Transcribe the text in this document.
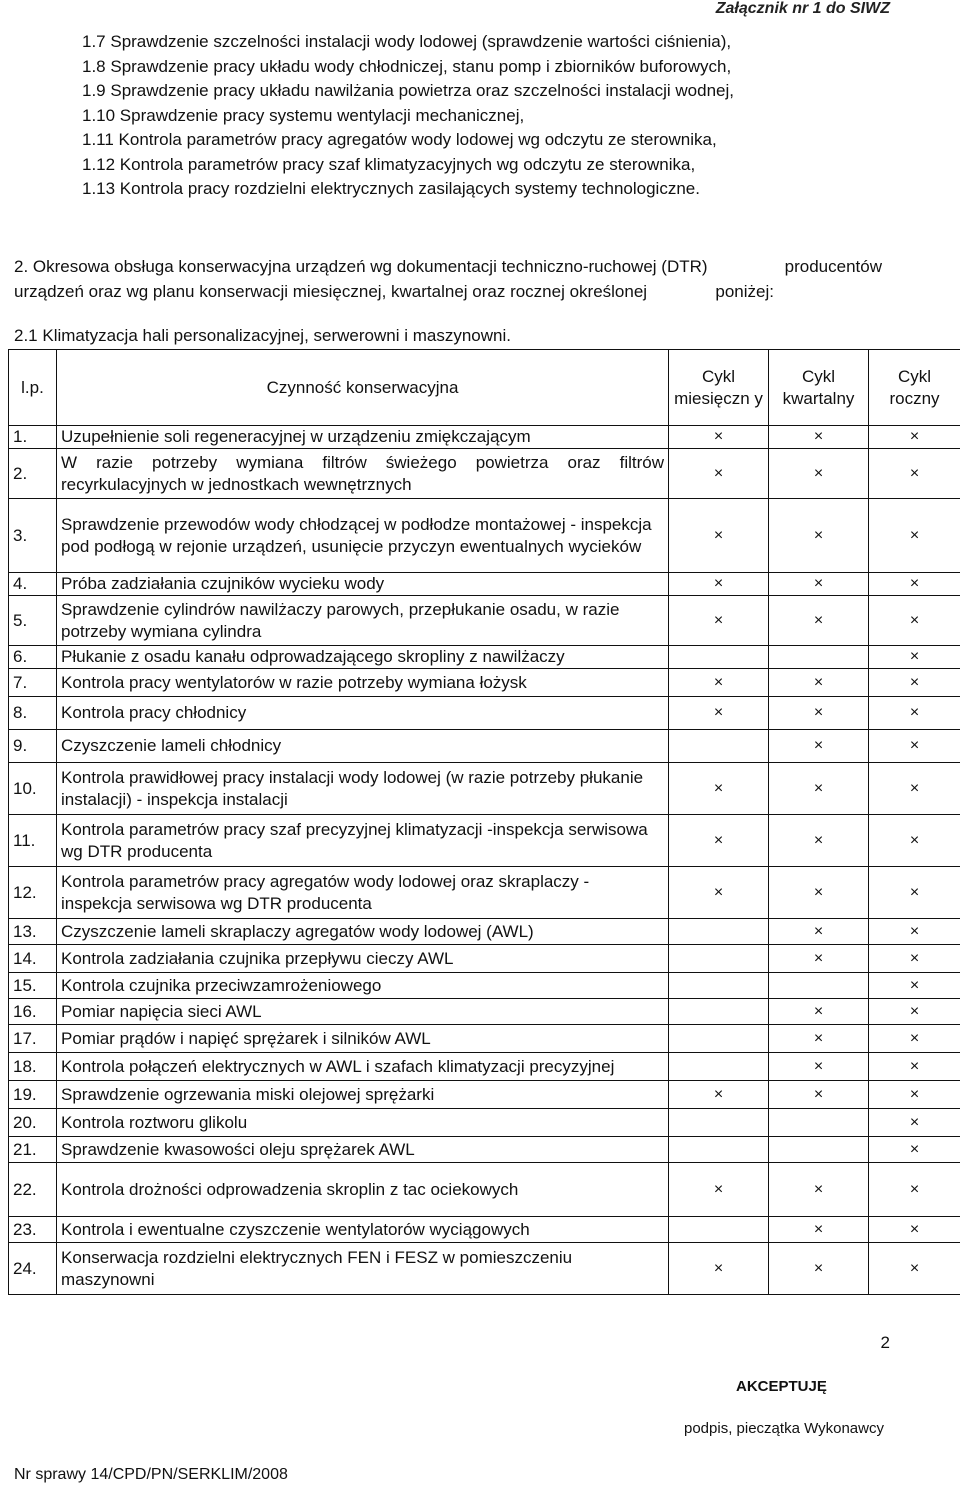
Załącznik nr 1 do SIWZ
1.7 Sprawdzenie szczelności instalacji wody lodowej (sprawdzenie wartości ciśnienia),
1.8 Sprawdzenie pracy układu wody chłodniczej, stanu pomp i zbiorników buforowych,
1.9 Sprawdzenie pracy układu nawilżania powietrza oraz szczelności instalacji wodnej,
1.10 Sprawdzenie pracy systemu wentylacji mechanicznej,
1.11 Kontrola parametrów pracy agregatów wody lodowej wg odczytu ze sterownika,
1.12 Kontrola parametrów pracy szaf klimatyzacyjnych wg odczytu ze sterownika,
1.13 Kontrola pracy rozdzielni elektrycznych zasilających systemy technologiczne.
2. Okresowa obsługa konserwacyjna urządzeń wg dokumentacji techniczno-ruchowej (DTR)	producentów
urządzeń oraz wg planu konserwacji miesięcznej, kwartalnej oraz rocznej określonej	poniżej:
2.1 Klimatyzacja hali personalizacyjnej, serwerowni i maszynowni.
l.p.	Czynność konserwacyjna	Cykl miesięczn y	Cykl kwartalny	Cykl roczny
1.	Uzupełnienie soli regeneracyjnej w urządzeniu zmiękczającym	×	×	×
2.	W razie potrzeby wymiana filtrów świeżego powietrza oraz filtrów recyrkulacyjnych w jednostkach wewnętrznych	×	×	×
3.	Sprawdzenie przewodów wody chłodzącej w podłodze montażowej - inspekcja pod podłogą w rejonie urządzeń, usunięcie przyczyn ewentualnych wycieków	×	×	×
4.	Próba zadziałania czujników wycieku wody	×	×	×
5.	Sprawdzenie cylindrów nawilżaczy parowych, przepłukanie osadu, w razie potrzeby wymiana cylindra	×	×	×
6.	Płukanie z osadu kanału odprowadzającego skropliny z nawilżaczy			×
7.	Kontrola pracy wentylatorów w razie potrzeby wymiana łożysk	×	×	×
8.	Kontrola pracy chłodnicy	×	×	×
9.	Czyszczenie lameli chłodnicy		×	×
10.	Kontrola prawidłowej pracy instalacji wody lodowej (w razie potrzeby płukanie instalacji) - inspekcja instalacji	×	×	×
11.	Kontrola parametrów pracy szaf precyzyjnej klimatyzacji -inspekcja serwisowa wg DTR producenta	×	×	×
12.	Kontrola parametrów pracy agregatów wody lodowej oraz skraplaczy - inspekcja serwisowa wg DTR producenta	×	×	×
13.	Czyszczenie lameli skraplaczy agregatów wody lodowej (AWL)		×	×
14.	Kontrola zadziałania czujnika przepływu cieczy AWL		×	×
15.	Kontrola czujnika przeciwzamrożeniowego			×
16.	Pomiar napięcia sieci AWL		×	×
17.	Pomiar prądów i napięć sprężarek i silników AWL		×	×
18.	Kontrola połączeń elektrycznych w AWL i szafach klimatyzacji precyzyjnej		×	×
19.	Sprawdzenie ogrzewania miski olejowej sprężarki	×	×	×
20.	Kontrola roztworu glikolu			×
21.	Sprawdzenie kwasowości oleju sprężarek AWL			×
22.	Kontrola drożności odprowadzenia skroplin z tac ociekowych	×	×	×
23.	Kontrola i ewentualne czyszczenie wentylatorów wyciągowych		×	×
24.	Konserwacja rozdzielni elektrycznych FEN i FESZ w pomieszczeniu maszynowni	×	×	×
2
AKCEPTUJĘ
podpis, pieczątka Wykonawcy
Nr sprawy 14/CPD/PN/SERKLIM/2008
